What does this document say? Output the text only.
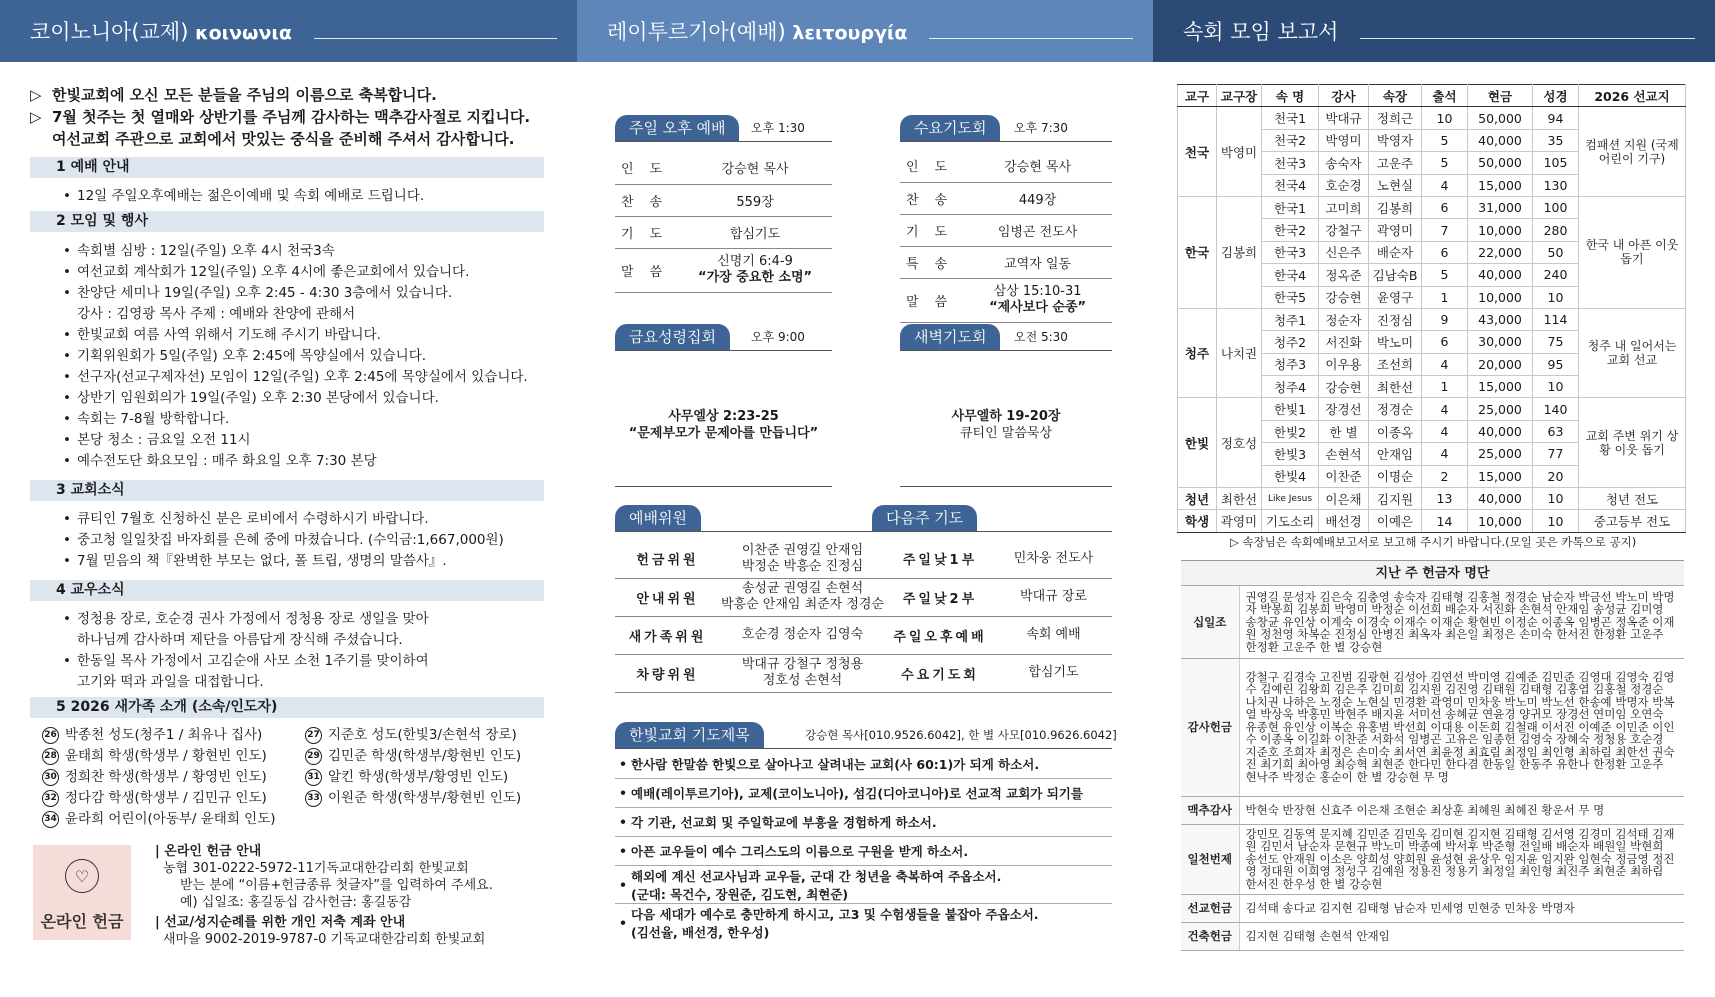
코이노니아(교제) κοινωνια	레이투르기아(예배) λειτουργία	속회 모임 보고서
▷ 한빛교회에 오신 모든 분들을 주님의 이름으로 축복합니다.
▷ 7월 첫주는 첫 열매와 상반기를 주님께 감사하는 맥추감사절로 지킵니다.
여선교회 주관으로 교회에서 맛있는 중식을 준비해 주셔서 감사합니다.
1 예배 안내
• 12일 주일오후예배는 젊은이예배 및 속회 예배로 드립니다.
2 모임 및 행사
• 속회별 심방 : 12일(주일) 오후 4시 천국3속
• 여선교회 계삭회가 12일(주일) 오후 4시에 좋은교회에서 있습니다.
• 찬양단 세미나 19일(주일) 오후 2:45 - 4:30 3층에서 있습니다.
강사 : 김영광 목사 주제 : 예배와 찬양에 관해서
• 한빛교회 여름 사역 위해서 기도해 주시기 바랍니다.
• 기획위원회가 5일(주일) 오후 2:45에 목양실에서 있습니다.
• 선구자(선교구제자선) 모임이 12일(주일) 오후 2:45에 목양실에서 있습니다.
• 상반기 임원회의가 19일(주일) 오후 2:30 본당에서 있습니다.
• 속회는 7-8월 방학합니다.
• 본당 청소 : 금요일 오전 11시
• 예수전도단 화요모임 : 매주 화요일 오후 7:30 본당
3 교회소식
• 큐티인 7월호 신청하신 분은 로비에서 수령하시기 바랍니다.
• 중고청 일일찻집 바자회를 은혜 중에 마쳤습니다. (수익금:1,667,000원)
• 7월 믿음의 책『완벽한 부모는 없다, 폴 트립, 생명의 말씀사』.
4 교우소식
• 정청용 장로, 호순경 권사 가정에서 정청용 장로 생일을 맞아
하나님께 감사하며 제단을 아름답게 장식해 주셨습니다.
• 한동일 목사 가정에서 고김순애 사모 소천 1주기를 맞이하여
고기와 떡과 과일을 대접합니다.
5 2026 새가족 소개 (소속/인도자)
26 박종천 성도(청주1 / 최유나 집사)
28 윤태희 학생(학생부 / 황현빈 인도)
30 정희찬 학생(학생부 / 황영빈 인도)
32 정다감 학생(학생부 / 김민규 인도)
34 윤라희 어린이(아동부/ 윤태희 인도)
27 지준호 성도(한빛3/손현석 장로)
29 김민준 학생(학생부/황현빈 인도)
31 알킨 학생(학생부/황영빈 인도)
33 이원준 학생(학생부/황현빈 인도)
♡
온라인 헌금
| 온라인 헌금 안내
농협 301-0222-5972-11기독교대한감리회 한빛교회
받는 분에 “이름+헌금종류 첫글자”를 입력하여 주세요.
예) 십일조: 홍길동십 감사헌금: 홍길동감
| 선교/성지순례를 위한 개인 저축 계좌 안내
새마을 9002-2019-9787-0 기독교대한감리회 한빛교회
주일 오후 예배	오후 1:30
인도	강승현 목사
찬송	559장
기도	합심기도
말씀	신명기 6:4-9
“가장 중요한 소명”
수요기도회	오후 7:30
인도	강승현 목사
찬송	449장
기도	임병곤 전도사
특송	교역자 일동
말씀	삼상 15:10-31
“제사보다 순종”
금요성령집회	오후 9:00
사무엘상 2:23-25
“문제부모가 문제아를 만듭니다”
새벽기도회	오전 5:30
사무엘하 19-20장
큐티인 말씀묵상
예배위원	다음주 기도
헌금위원	이찬준 권영길 안재임
박정순 박흥순 진정심

안내위원	송성균 권영길 손현석
박흥순 안재임 최준자 정경순

새가족위원	호순경 정순자 김영숙

차량위원	박대규 강철구 정청용
정호성 손현석
주일낮1부	민차웅 전도사
주일낮2부	박대규 장로
주일오후예배	속회 예배
수요기도회	합심기도
한빛교회 기도제목	강승현 목사[010.9526.6042], 한 별 사모[010.9626.6042]
• 한사람 한말씀 한빛으로 살아나고 살려내는 교회(사 60:1)가 되게 하소서.
• 예배(레이투르기아), 교제(코이노니아), 섬김(디아코니아)로 선교적 교회가 되기를
• 각 기관, 선교회 및 주일학교에 부흥을 경험하게 하소서.
• 아픈 교우들이 예수 그리스도의 이름으로 구원을 받게 하소서.
• 해외에 계신 선교사님과 교우들, 군대 간 청년을 축복하여 주옵소서.
(군대: 목건수, 장원준, 김도현, 최현준)
• 다음 세대가 예수로 충만하게 하시고, 고3 및 수험생들을 붙잡아 주옵소서.
(김선율, 배선경, 한우성)
교구	교구장	속 명	강사	속장	출석	현금	성경	2026 선교지
천국	박영미	천국1	박대규	정희근	10	50,000	94	컴패션 지원 (국제어린이 기구)
		천국2	박영미	박영자	5	40,000	35	
		천국3	송숙자	고운주	5	50,000	105	
		천국4	호순경	노현실	4	15,000	130	
한국	김봉희	한국1	고미희	김봉희	6	31,000	100	한국 내 아픈 이웃 돕기
		한국2	강철구	곽영미	7	10,000	280	
		한국3	신은주	배순자	6	22,000	50	
		한국4	정옥준	김남숙B	5	40,000	240	
		한국5	강승현	윤영구	1	10,000	10	
청주	나치권	청주1	정순자	진정심	9	43,000	114	청주 내 일어서는 교회 선교
		청주2	서진화	박노미	6	30,000	75	
		청주3	이우용	조선희	4	20,000	95	
		청주4	강승현	최한선	1	15,000	10	
한빛	정호성	한빛1	장경선	정경순	4	25,000	140	교회 주변 위기 상황 이웃 돕기
		한빛2	한 별	이종옥	4	40,000	63	
		한빛3	손현석	안재임	4	25,000	77	
		한빛4	이찬준	이명순	2	15,000	20	
청년	최한선	Like Jesus	이은채	김지원	13	40,000	10	청년 전도
학생	곽영미	기도소리	배선경	이예은	14	10,000	10	중고등부 전도
▷ 속장님은 속회예배보고서로 보고해 주시기 바랍니다.(모일 곳은 카톡으로 공지)
지난 주 헌금자 명단
십일조	권영길 문성자 김은숙 김충영 송숙자 김태형 김홍철 정경순 남순자 박금선 박노미 박명자 박봉희 김봉희 박영미 박정순 이선희 배순자 서진화 손현석 안재임 송성균 김미영 송창균 유인상 이계숙 이경숙 이재수 이재순 황현빈 이정순 이종옥 임병곤 정옥준 이재원 정천영 차복순 진정심 안병진 최옥자 최은일 최정은 손미숙 한서진 한정환 고운주 한정환 고운주 한 별 강승현
감사헌금	강철구 김경숙 고진범 김광현 김성아 김연선 박미영 김예준 김민준 김영대 김영숙 김영수 김예린 김왕희 김은주 김미희 김지원 김진영 김태원 김태형 김홍엽 김홍철 정경순 나치권 나하은 노정순 노현실 민경환 곽영미 민차웅 박노미 박노선 한송예 박명자 박복열 박상욱 박홍민 박현주 배지윤 서미선 송혜균 연윤경 양귀모 장경선 연미임 오연숙 유종현 유인상 이복순 유홍범 박선희 이대용 이돈희 김철래 이서진 이예준 이민준 이인수 이종옥 이길화 이찬준 서화석 임병곤 고유은 임종헌 김영숙 장혜숙 정청용 호순경 지준호 조희자 최정은 손미숙 최서연 최윤정 최효림 최정임 최인형 최하림 최한선 권숙진 최기희 최아영 최승혁 최현준 한다민 한다겸 한동일 한동주 유한나 한정환 고운주 현낙주 박정순 홍순이 한 별 강승현 무 명
맥추감사	박현숙 반장현 신효주 이은채 조현순 최상훈 최혜원 최혜진 황운서 무 명
일천번제	강민모 김동역 문지혜 김민준 김민욱 김미현 김지현 김태형 김서영 김경미 김석태 김재원 김민서 남순자 문현규 박노미 박종예 박서후 박준형 전일배 배순자 배원일 박현희 송선도 안재원 이소은 양희성 양희원 윤성현 윤상우 임지윤 임지완 임현숙 정금영 정진영 정대원 이희영 정성구 김예원 정용진 정용기 최정일 최인형 최진주 최현준 최하림 한서진 한우성 한 별 강승현
선교헌금	김석태 송다교 김지현 김태형 남순자 민세영 민현중 민차웅 박명자
건축헌금	김지현 김태형 손현석 안재임
